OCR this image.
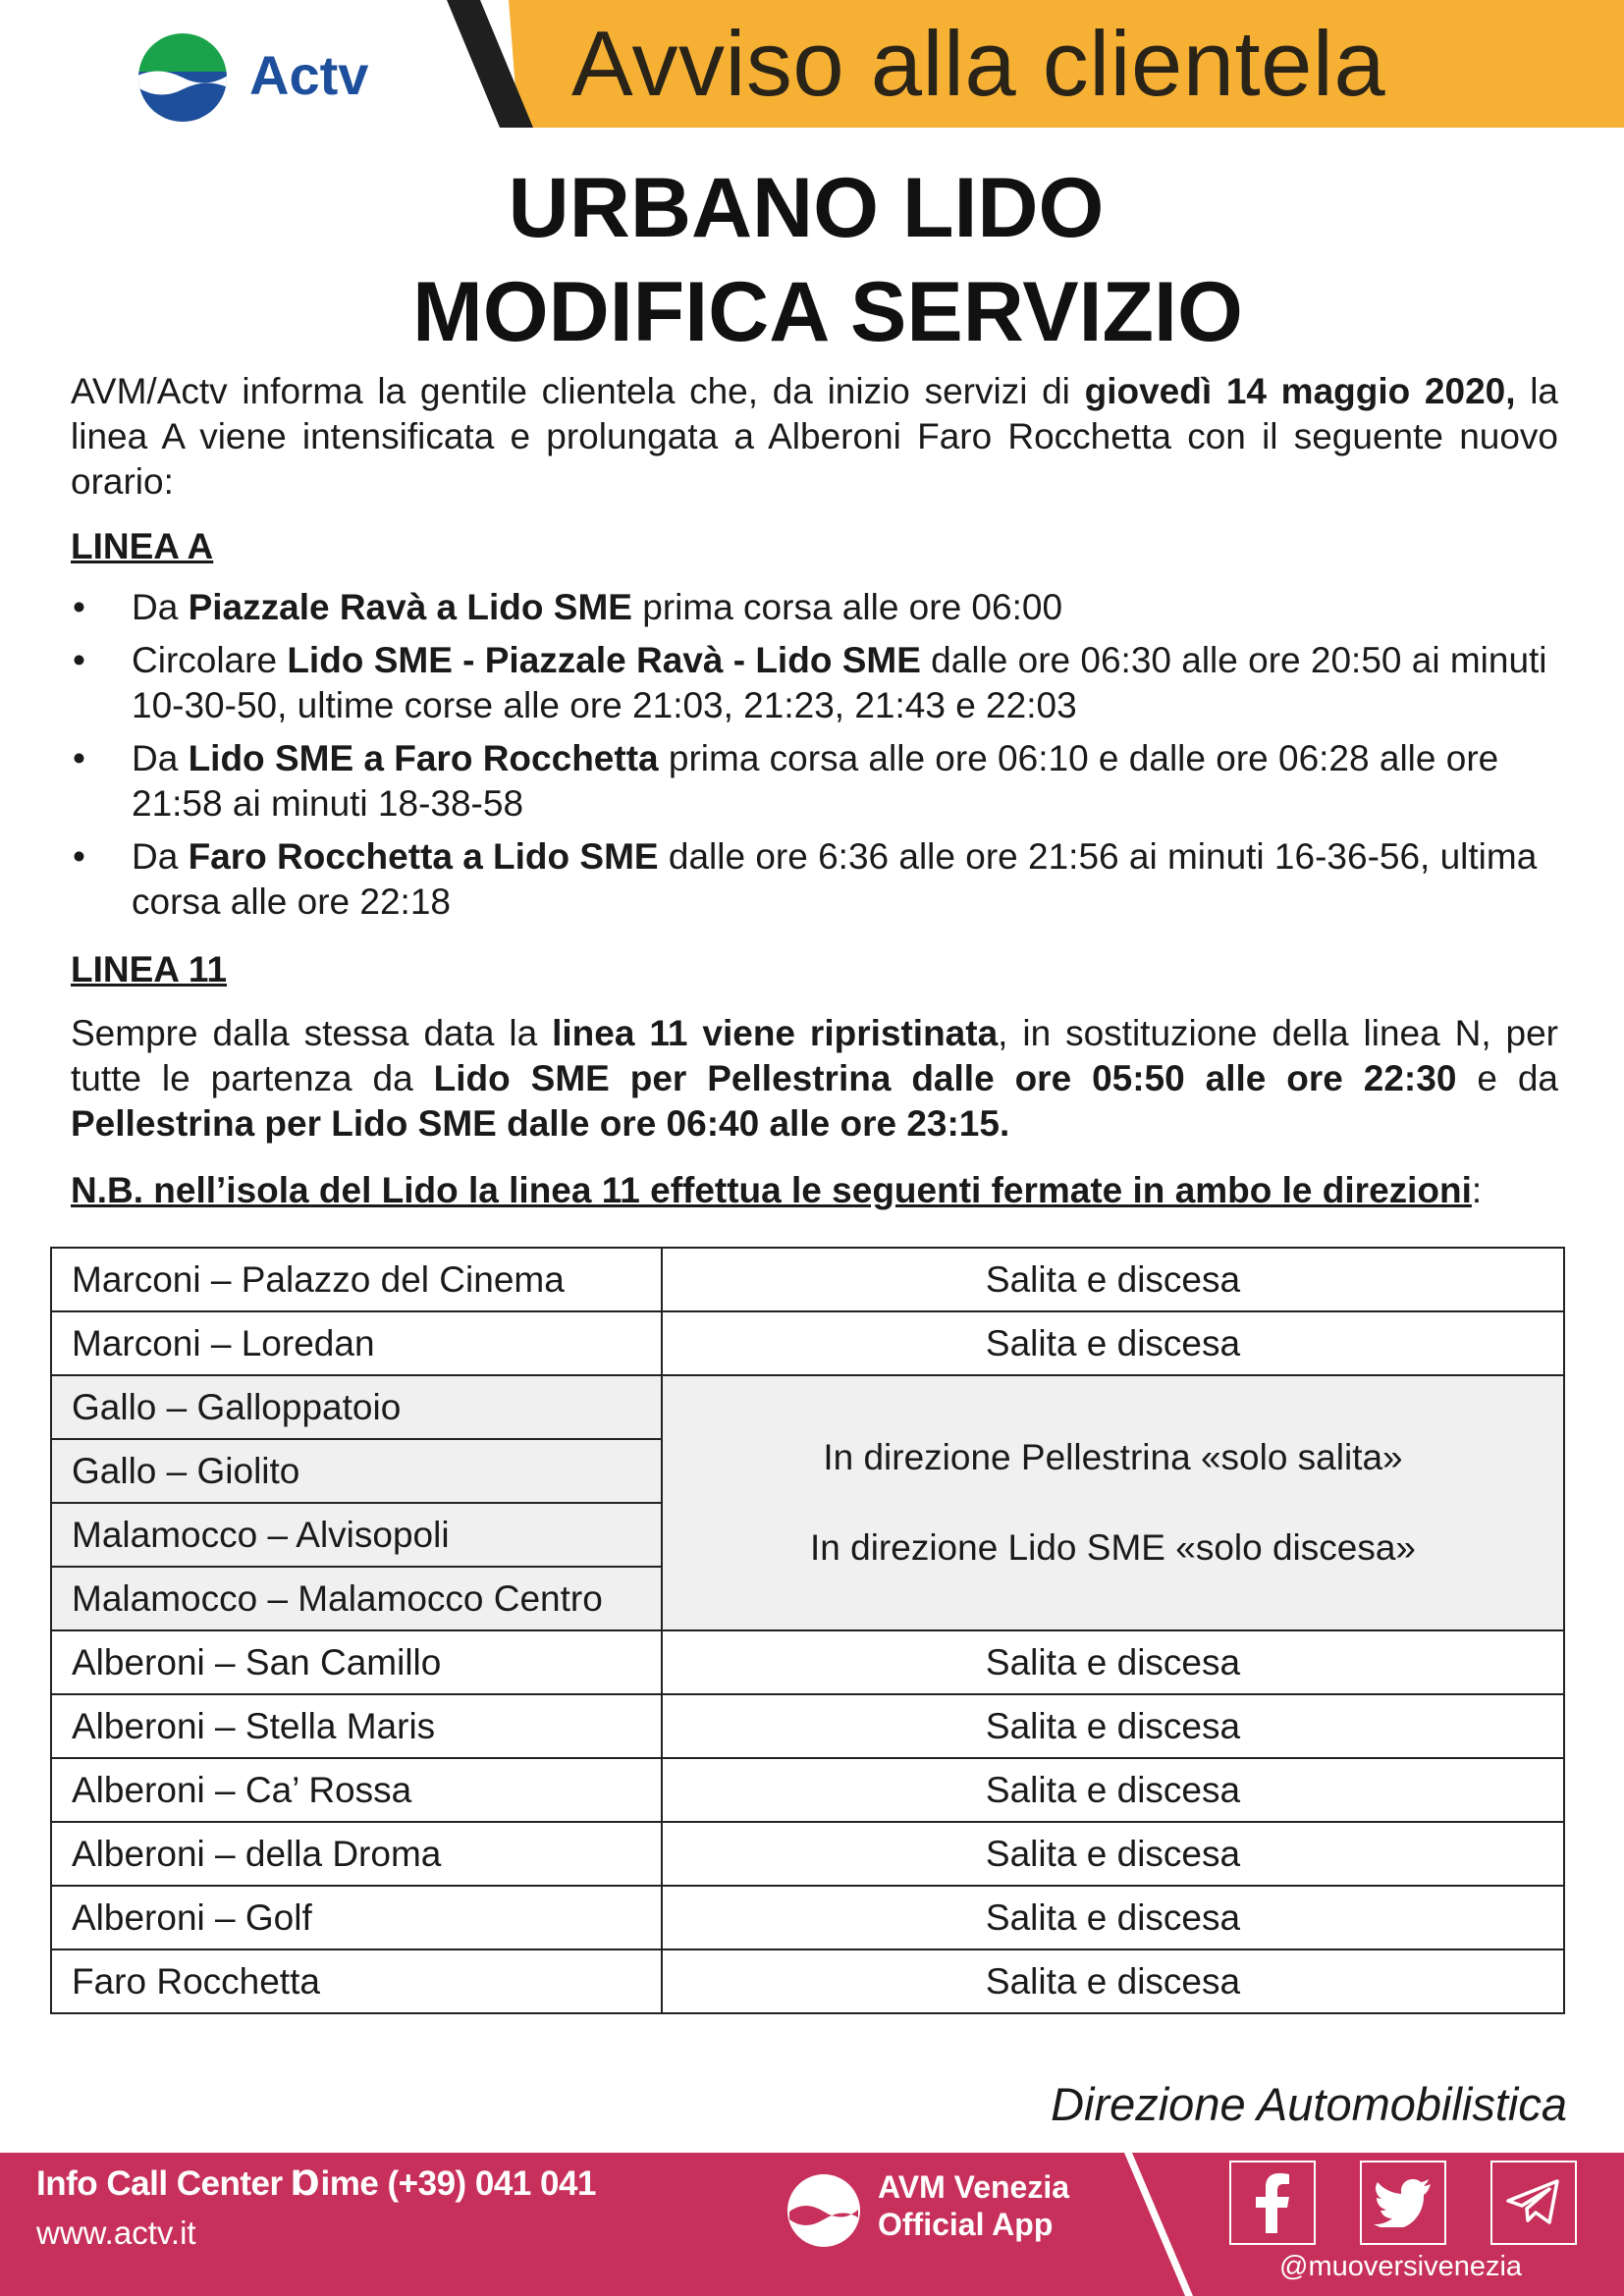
Actv Avviso alla clientela
URBANO LIDO
MODIFICA SERVIZIO
AVM/Actv informa la gentile clientela che, da inizio servizi di giovedì 14 maggio 2020, la linea A viene intensificata e prolungata a Alberoni Faro Rocchetta con il seguente nuovo orario:
LINEA A
• Da Piazzale Ravà a Lido SME prima corsa alle ore 06:00
• Circolare Lido SME - Piazzale Ravà - Lido SME dalle ore 06:30 alle ore 20:50 ai minuti 10-30-50, ultime corse alle ore 21:03, 21:23, 21:43 e 22:03
• Da Lido SME a Faro Rocchetta prima corsa alle ore 06:10 e dalle ore 06:28 alle ore 21:58 ai minuti 18-38-58
• Da Faro Rocchetta a Lido SME dalle ore 6:36 alle ore 21:56 ai minuti 16-36-56, ultima corsa alle ore 22:18
LINEA 11
Sempre dalla stessa data la linea 11 viene ripristinata, in sostituzione della linea N, per tutte le partenza da Lido SME per Pellestrina dalle ore 05:50 alle ore 22:30 e da Pellestrina per Lido SME dalle ore 06:40 alle ore 23:15.
N.B. nell’isola del Lido la linea 11 effettua le seguenti fermate in ambo le direzioni:
Marconi – Palazzo del Cinema	Salita e discesa
Marconi – Loredan	Salita e discesa
Gallo – Galloppatoio	In direzione Pellestrina «solo salita»
In direzione Lido SME «solo discesa»

Gallo – Giolito	
Malamocco – Alvisopoli	
Malamocco – Malamocco Centro	
Alberoni – San Camillo	Salita e discesa
Alberoni – Stella Maris	Salita e discesa
Alberoni – Ca’ Rossa	Salita e discesa
Alberoni – della Droma	Salita e discesa
Alberoni – Golf	Salita e discesa
Faro Rocchetta	Salita e discesa
Direzione Automobilistica
Info Call Center Ɒime (+39) 041 041
www.actv.it
AVM Venezia
Official App
@muoversivenezia
